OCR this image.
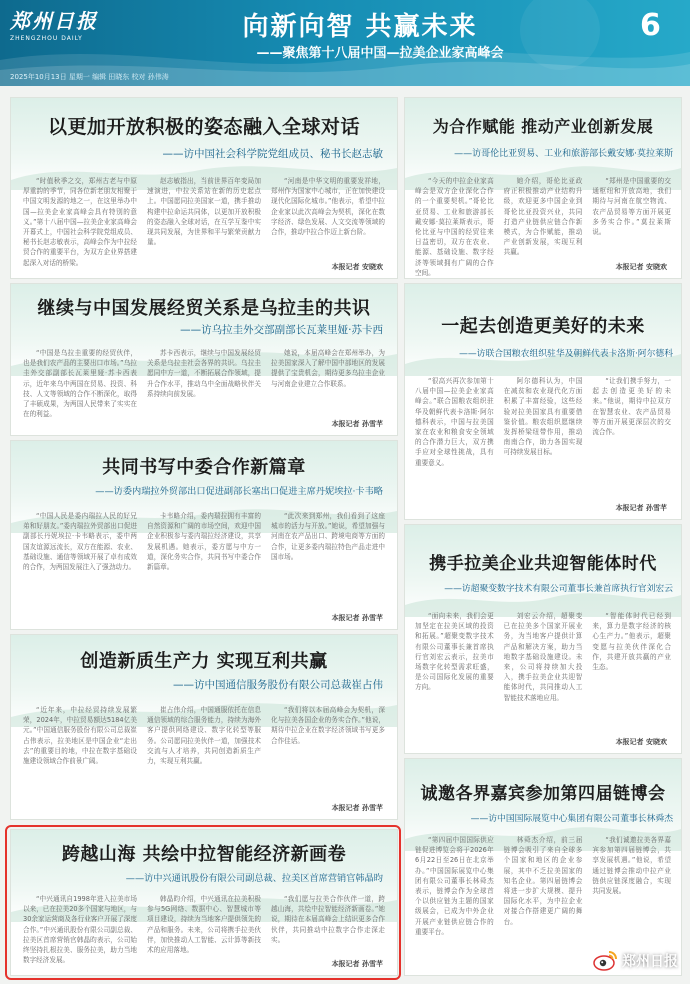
郑州日报
ZHENGZHOU DAILY
2025年10月13日 星期一 编辑 田晓东 校对 孙伟涛
向新向智 共赢未来
——聚焦第十八届中国—拉美企业家高峰会
6
以更加开放积极的姿态融入全球对话
——访中国社会科学院党组成员、秘书长赵志敏

“时值秋季之交，郑州古老与中原厚重韵的季节，同各位新老朋友相聚于中国文明发源的地之一，在这里举办中国—拉美企业家高峰会具有特别的意义。”第十八届中国—拉美企业家高峰会开幕式上，中国社会科学院党组成员、秘书长赵志敏表示，高峰会作为中拉经贸合作的重要平台，为双方企业界搭建起深入对话的桥梁。

赵志敏指出，当前世界百年变局加速演进，中拉关系站在新的历史起点上。中国愿同拉美国家一道，携手推动构建中拉命运共同体，以更加开放积极的姿态融入全球对话，在互学互鉴中实现共同发展，为世界和平与繁荣贡献力量。

“河南是中华文明的重要发祥地，郑州作为国家中心城市，正在加快建设现代化国际化城市。”他表示，希望中拉企业家以此次高峰会为契机，深化在数字经济、绿色发展、人文交流等领域的合作，推动中拉合作迈上新台阶。

本报记者 安晓欢
为合作赋能 推动产业创新发展
——访哥伦比亚贸易、工业和旅游部长戴安娜·莫拉莱斯

“今天的中拉企业家高峰会是双方企业深化合作的一个重要契机。”哥伦比亚贸易、工业和旅游部长戴安娜·莫拉莱斯表示，哥伦比亚与中国的经贸往来日益密切，双方在农业、能源、基础设施、数字经济等领域拥有广阔的合作空间。

她介绍，哥伦比亚政府正积极推动产业结构升级，欢迎更多中国企业到哥伦比亚投资兴业，共同打造产业链供应链合作新模式，为合作赋能，推动产业创新发展，实现互利共赢。

“郑州是中国重要的交通枢纽和开放高地，我们期待与河南在航空物流、农产品贸易等方面开展更多务实合作。”莫拉莱斯说。

本报记者 安晓欢
继续与中国发展经贸关系是乌拉圭的共识
——访乌拉圭外交部副部长瓦莱里娅·苏卡西

“中国是乌拉圭重要的经贸伙伴，也是我们农产品的主要出口市场。”乌拉圭外交部副部长瓦莱里娅·苏卡西表示，近年来乌中两国在贸易、投资、科技、人文等领域的合作不断深化，取得了丰硕成果，为两国人民带来了实实在在的利益。

苏卡西表示，继续与中国发展经贸关系是乌拉圭社会各界的共识。乌拉圭愿同中方一道，不断拓展合作领域，提升合作水平，推动乌中全面战略伙伴关系持续向前发展。

她说，本届高峰会在郑州举办，为拉美国家深入了解中国中部地区的发展提供了宝贵机会，期待更多乌拉圭企业与河南企业建立合作联系。

本报记者 孙雪芊
一起去创造更美好的未来
——访联合国粮农组织驻华及朝鲜代表卡洛斯·阿尔德科

“很高兴再次参加第十八届中国—拉美企业家高峰会。”联合国粮农组织驻华及朝鲜代表卡洛斯·阿尔德科表示，中国与拉美国家在农业和粮食安全领域的合作潜力巨大，双方携手应对全球性挑战，具有重要意义。

阿尔德科认为，中国在减贫和农业现代化方面积累了丰富经验，这些经验对拉美国家具有重要借鉴价值。粮农组织愿继续发挥桥梁纽带作用，推动南南合作，助力各国实现可持续发展目标。

“让我们携手努力，一起去创造更美好的未来。”他说，期待中拉双方在智慧农业、农产品贸易等方面开展更深层次的交流合作。

本报记者 孙雪芊
共同书写中委合作新篇章
——访委内瑞拉外贸部出口促进副部长塞出口促进主席丹妮埃拉·卡韦略

“中国人民是委内瑞拉人民的好兄弟和好朋友。”委内瑞拉外贸部出口促进副部长丹妮埃拉·卡韦略表示，委中两国友谊源远流长，双方在能源、农业、基础设施、通信等领域开展了卓有成效的合作，为两国发展注入了强劲动力。

卡韦略介绍，委内瑞拉拥有丰富的自然资源和广阔的市场空间，欢迎中国企业积极参与委内瑞拉经济建设，共享发展机遇。她表示，委方愿与中方一道，深化务实合作，共同书写中委合作新篇章。

“此次来到郑州，我们看到了这座城市的活力与开放。”她说，希望加强与河南在农产品出口、跨境电商等方面的合作，让更多委内瑞拉特色产品走进中国市场。

本报记者 孙雪芊
携手拉美企业共迎智能体时代
——访超聚变数字技术有限公司董事长兼首席执行官刘宏云

“面向未来，我们会更加坚定在拉美区域的投资和拓展。”超聚变数字技术有限公司董事长兼首席执行官刘宏云表示，拉美市场数字化转型需求旺盛，是公司国际化发展的重要方向。

刘宏云介绍，超聚变已在拉美多个国家开展业务，为当地客户提供计算产品和解决方案，助力当地数字基础设施建设。未来，公司将持续加大投入，携手拉美企业共迎智能体时代，共同推动人工智能技术落地应用。

“智能体时代已经到来，算力是数字经济的核心生产力。”他表示，超聚变愿与拉美伙伴深化合作，共建开放共赢的产业生态。

本报记者 安晓欢
创造新质生产力 实现互利共赢
——访中国通信服务股份有限公司总裁崔占伟

“近年来，中拉经贸持续发展繁荣，2024年，中拉贸易额达5184亿美元。”中国通信服务股份有限公司总裁崔占伟表示，拉美地区是中国企业“走出去”的重要目的地，中拉在数字基础设施建设领域合作前景广阔。

崔占伟介绍，中国通服依托在信息通信领域的综合服务能力，持续为海外客户提供网络建设、数字化转型等服务。公司愿同拉美伙伴一道，加强技术交流与人才培养，共同创造新质生产力，实现互利共赢。

“我们将以本届高峰会为契机，深化与拉美各国企业的务实合作。”他说，期待中拉企业在数字经济领域书写更多合作佳话。

本报记者 孙雪芊
诚邀各界嘉宾参加第四届链博会
——访中国国际展览中心集团有限公司董事长林舜杰

“第四届中国国际供应链促进博览会将于2026年6月22日至26日在北京举办。”中国国际展览中心集团有限公司董事长林舜杰表示，链博会作为全球首个以供应链为主题的国家级展会，已成为中外企业开展产业链供应链合作的重要平台。

林舜杰介绍，前三届链博会吸引了来自全球多个国家和地区的企业参展，其中不乏拉美国家的知名企业。第四届链博会将进一步扩大规模、提升国际化水平，为中拉企业对接合作搭建更广阔的舞台。

“我们诚邀拉美各界嘉宾参加第四届链博会，共享发展机遇。”他说，希望通过链博会推动中拉产业链供应链深度融合，实现共同发展。

跨越山海 共绘中拉智能经济新画卷
——访中兴通讯股份有限公司副总裁、拉美区首席营销官韩晶昀

“中兴通讯自1998年进入拉美市场以来，已在拉美20多个国家与地区，与30余家运营商及各行业客户开展了深度合作。”中兴通讯股份有限公司副总裁、拉美区首席营销官韩晶昀表示，公司始终坚持扎根拉美、服务拉美，助力当地数字经济发展。

韩晶昀介绍，中兴通讯在拉美积极参与5G网络、数据中心、智慧城市等项目建设，持续为当地客户提供领先的产品和服务。未来，公司将携手拉美伙伴，加快推动人工智能、云计算等新技术的应用落地。

“我们愿与拉美合作伙伴一道，跨越山海，共绘中拉智能经济新画卷。”她说，期待在本届高峰会上结识更多合作伙伴，共同推动中拉数字合作走深走实。

本报记者 孙雪芊	郑州日报
